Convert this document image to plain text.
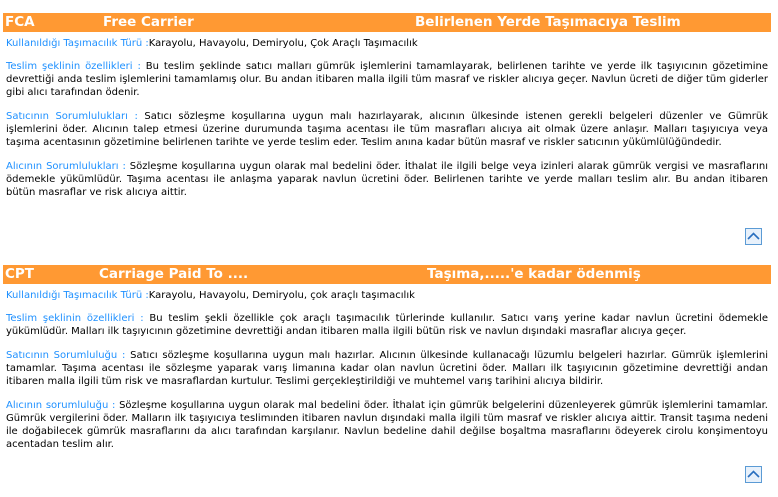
FCA	Free Carrier	Belirlenen Yerde Taşımacıya Teslim
Kullanıldığı Taşımacılık Türü :Karayolu, Havayolu, Demiryolu, Çok Araçlı Taşımacılık
Teslim şeklinin özellikleri : Bu teslim şeklinde satıcı malları gümrük işlemlerini tamamlayarak, belirlenen tarihte ve yerde ilk taşıyıcının gözetimine devrettiği anda teslim işlemlerini tamamlamış olur. Bu andan itibaren malla ilgili tüm masraf ve riskler alıcıya geçer. Navlun ücreti de diğer tüm giderler gibi alıcı tarafından ödenir.
Satıcının Sorumlulukları : Satıcı sözleşme koşullarına uygun malı hazırlayarak, alıcının ülkesinde istenen gerekli belgeleri düzenler ve Gümrük işlemlerini öder. Alıcının talep etmesi üzerine durumunda taşıma acentası ile tüm masrafları alıcıya ait olmak üzere anlaşır. Malları taşıyıcıya veya taşıma acentasının gözetimine belirlenen tarihte ve yerde teslim eder. Teslim anına kadar bütün masraf ve riskler satıcının yükümlülüğündedir.
Alıcının Sorumlulukları : Sözleşme koşullarına uygun olarak mal bedelini öder. İthalat ile ilgili belge veya izinleri alarak gümrük vergisi ve masraflarını ödemekle yükümlüdür. Taşıma acentası ile anlaşma yaparak navlun ücretini öder. Belirlenen tarihte ve yerde malları teslim alır. Bu andan itibaren bütün masraflar ve risk alıcıya aittir.
CPT	Carriage Paid To ....	Taşıma,.....'e kadar ödenmiş
Kullanıldığı Taşımacılık Türü :Karayolu, Havayolu, Demiryolu, çok araçlı taşımacılık
Teslim şeklinin özellikleri : Bu teslim şekli özellikle çok araçlı taşımacılık türlerinde kullanılır. Satıcı varış yerine kadar navlun ücretini ödemekle yükümlüdür. Malları ilk taşıyıcının gözetimine devrettiği andan itibaren malla ilgili bütün risk ve navlun dışındaki masraflar alıcıya geçer.
Satıcının Sorumluluğu : Satıcı sözleşme koşullarına uygun malı hazırlar. Alıcının ülkesinde kullanacağı lüzumlu belgeleri hazırlar. Gümrük işlemlerini tamamlar. Taşıma acentası ile sözleşme yaparak varış limanına kadar olan navlun ücretini öder. Malları ilk taşıyıcının gözetimine devrettiği andan itibaren malla ilgili tüm risk ve masraflardan kurtulur. Teslimi gerçekleştirildiği ve muhtemel varış tarihini alıcıya bildirir.
Alıcının sorumluluğu : Sözleşme koşullarına uygun olarak mal bedelini öder. İthalat için gümrük belgelerini düzenleyerek gümrük işlemlerini tamamlar. Gümrük vergilerini öder. Malların ilk taşıyıcıya teslimınden itibaren navlun dışındaki malla ilgili tüm masraf ve riskler alıcıya aittir. Transit taşıma nedeni ile doğabilecek gümrük masraflarını da alıcı tarafından karşılanır. Navlun bedeline dahil değilse boşaltma masraflarını ödeyerek cirolu konşimentoyu acentadan teslim alır.
